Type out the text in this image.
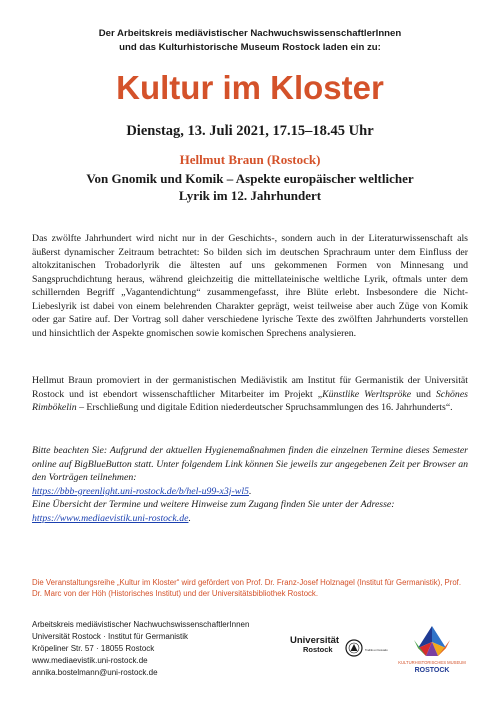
Der Arbeitskreis mediävistischer NachwuchswissenschaftlerInnen
und das Kulturhistorische Museum Rostock laden ein zu:
Kultur im Kloster
Dienstag, 13. Juli 2021, 17.15–18.45 Uhr
Hellmut Braun (Rostock)
Von Gnomik und Komik – Aspekte europäischer weltlicher
Lyrik im 12. Jahrhundert
Das zwölfte Jahrhundert wird nicht nur in der Geschichts-, sondern auch in der Literaturwissenschaft als äußerst dynamischer Zeitraum betrachtet: So bilden sich im deutschen Sprachraum unter dem Einfluss der altokzitanischen Trobadorlyrik die ältesten auf uns gekommenen Formen von Minnesang und Sangspruchdichtung heraus, während gleichzeitig die mittellateinische weltliche Lyrik, oftmals unter dem schillernden Begriff „Vagantendichtung“ zusammengefasst, ihre Blüte erlebt. Insbesondere die Nicht-Liebeslyrik ist dabei von einem belehrenden Charakter geprägt, weist teilweise aber auch Züge von Komik oder gar Satire auf. Der Vortrag soll daher verschiedene lyrische Texte des zwölften Jahrhunderts vorstellen und hinsichtlich der Aspekte gnomischen sowie komischen Sprechens analysieren.
Hellmut Braun promoviert in der germanistischen Mediävistik am Institut für Germanistik der Universität Rostock und ist ebendort wissenschaftlicher Mitarbeiter im Projekt „Künstlike Werltspröke und Schönes Rimbökelin – Erschließung und digitale Edition niederdeutscher Spruchsammlungen des 16. Jahrhunderts“.
Bitte beachten Sie: Aufgrund der aktuellen Hygienemaßnahmen finden die einzelnen Termine dieses Semester online auf BigBlueButton statt. Unter folgendem Link können Sie jeweils zur angegebenen Zeit per Browser an den Vorträgen teilnehmen:
https://bbb-greenlight.uni-rostock.de/b/hel-u99-x3j-wl5.
Eine Übersicht der Termine und weitere Hinweise zum Zugang finden Sie unter der Adresse:
https://www.mediaevistik.uni-rostock.de.
Die Veranstaltungsreihe „Kultur im Kloster“ wird gefördert von Prof. Dr. Franz-Josef Holznagel (Institut für Germanistik), Prof. Dr. Marc von der Höh (Historisches Institut) und der Universitätsbibliothek Rostock.
Arbeitskreis mediävistischer NachwuchswissenschaftlerInnen
Universität Rostock · Institut für Germanistik
Kröpeliner Str. 57 · 18055 Rostock
www.mediaevistik.uni-rostock.de
annika.bostelmann@uni-rostock.de
Universität
Rostock	Traditio et Innovatio
KULTURHISTORISCHES MUSEUM
ROSTOCK
